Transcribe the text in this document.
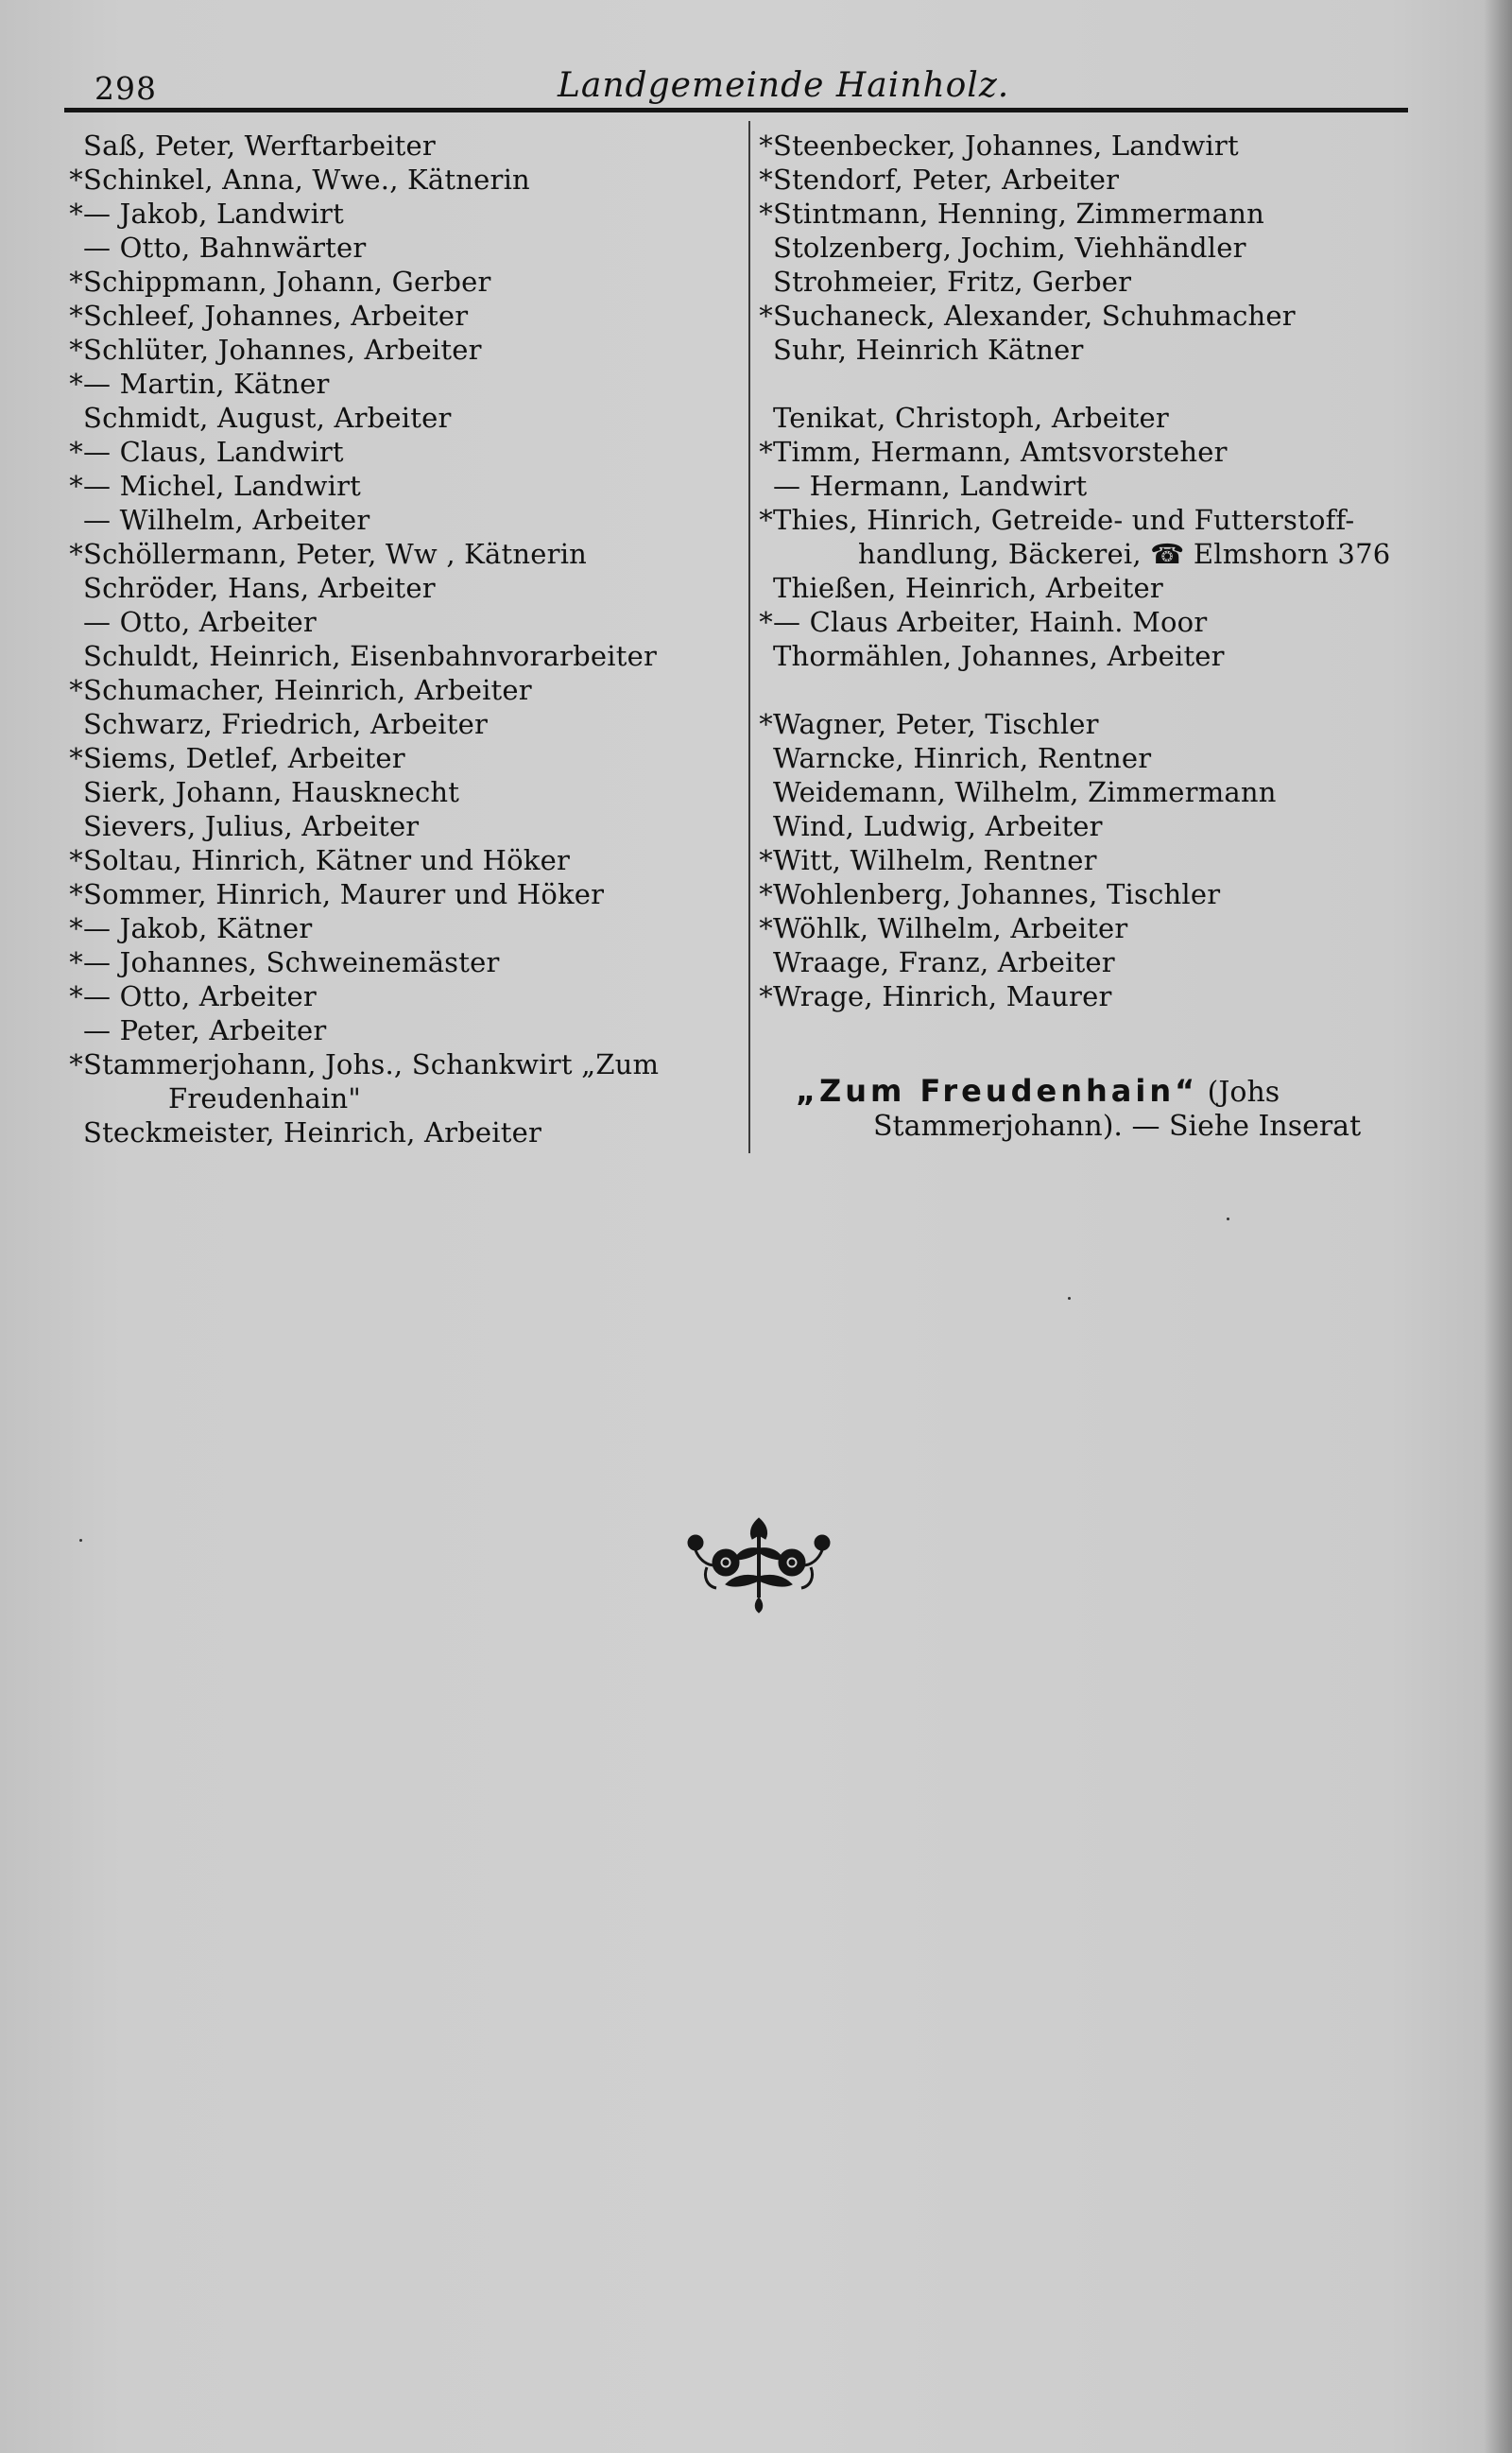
298	Landgemeinde Hainholz.
Saß, Peter, Werftarbeiter
*Schinkel, Anna, Wwe., Kätnerin
*— Jakob, Landwirt
— Otto, Bahnwärter
*Schippmann, Johann, Gerber
*Schleef, Johannes, Arbeiter
*Schlüter, Johannes, Arbeiter
*— Martin, Kätner
Schmidt, August, Arbeiter
*— Claus, Landwirt
*— Michel, Landwirt
— Wilhelm, Arbeiter
*Schöllermann, Peter, Ww , Kätnerin
Schröder, Hans, Arbeiter
— Otto, Arbeiter
Schuldt, Heinrich, Eisenbahnvorarbeiter
*Schumacher, Heinrich, Arbeiter
Schwarz, Friedrich, Arbeiter
*Siems, Detlef, Arbeiter
Sierk, Johann, Hausknecht
Sievers, Julius, Arbeiter
*Soltau, Hinrich, Kätner und Höker
*Sommer, Hinrich, Maurer und Höker
*— Jakob, Kätner
*— Johannes, Schweinemäster
*— Otto, Arbeiter
— Peter, Arbeiter
*Stammerjohann, Johs., Schankwirt „Zum
Freudenhain"
Steckmeister, Heinrich, Arbeiter
*Steenbecker, Johannes, Landwirt
*Stendorf, Peter, Arbeiter
*Stintmann, Henning, Zimmermann
Stolzenberg, Jochim, Viehhändler
Strohmeier, Fritz, Gerber
*Suchaneck, Alexander, Schuhmacher
Suhr, Heinrich Kätner
Tenikat, Christoph, Arbeiter
*Timm, Hermann, Amtsvorsteher
— Hermann, Landwirt
*Thies, Hinrich, Getreide- und Futterstoff-
handlung, Bäckerei, ☎ Elmshorn 376
Thießen, Heinrich, Arbeiter
*— Claus Arbeiter, Hainh. Moor
Thormählen, Johannes, Arbeiter
*Wagner, Peter, Tischler
Warncke, Hinrich, Rentner
Weidemann, Wilhelm, Zimmermann
Wind, Ludwig, Arbeiter
*Witt, Wilhelm, Rentner
*Wohlenberg, Johannes, Tischler
*Wöhlk, Wilhelm, Arbeiter
Wraage, Franz, Arbeiter
*Wrage, Hinrich, Maurer
„Zum Freudenhain“ (Johs
Stammerjohann). — Siehe Inserat
